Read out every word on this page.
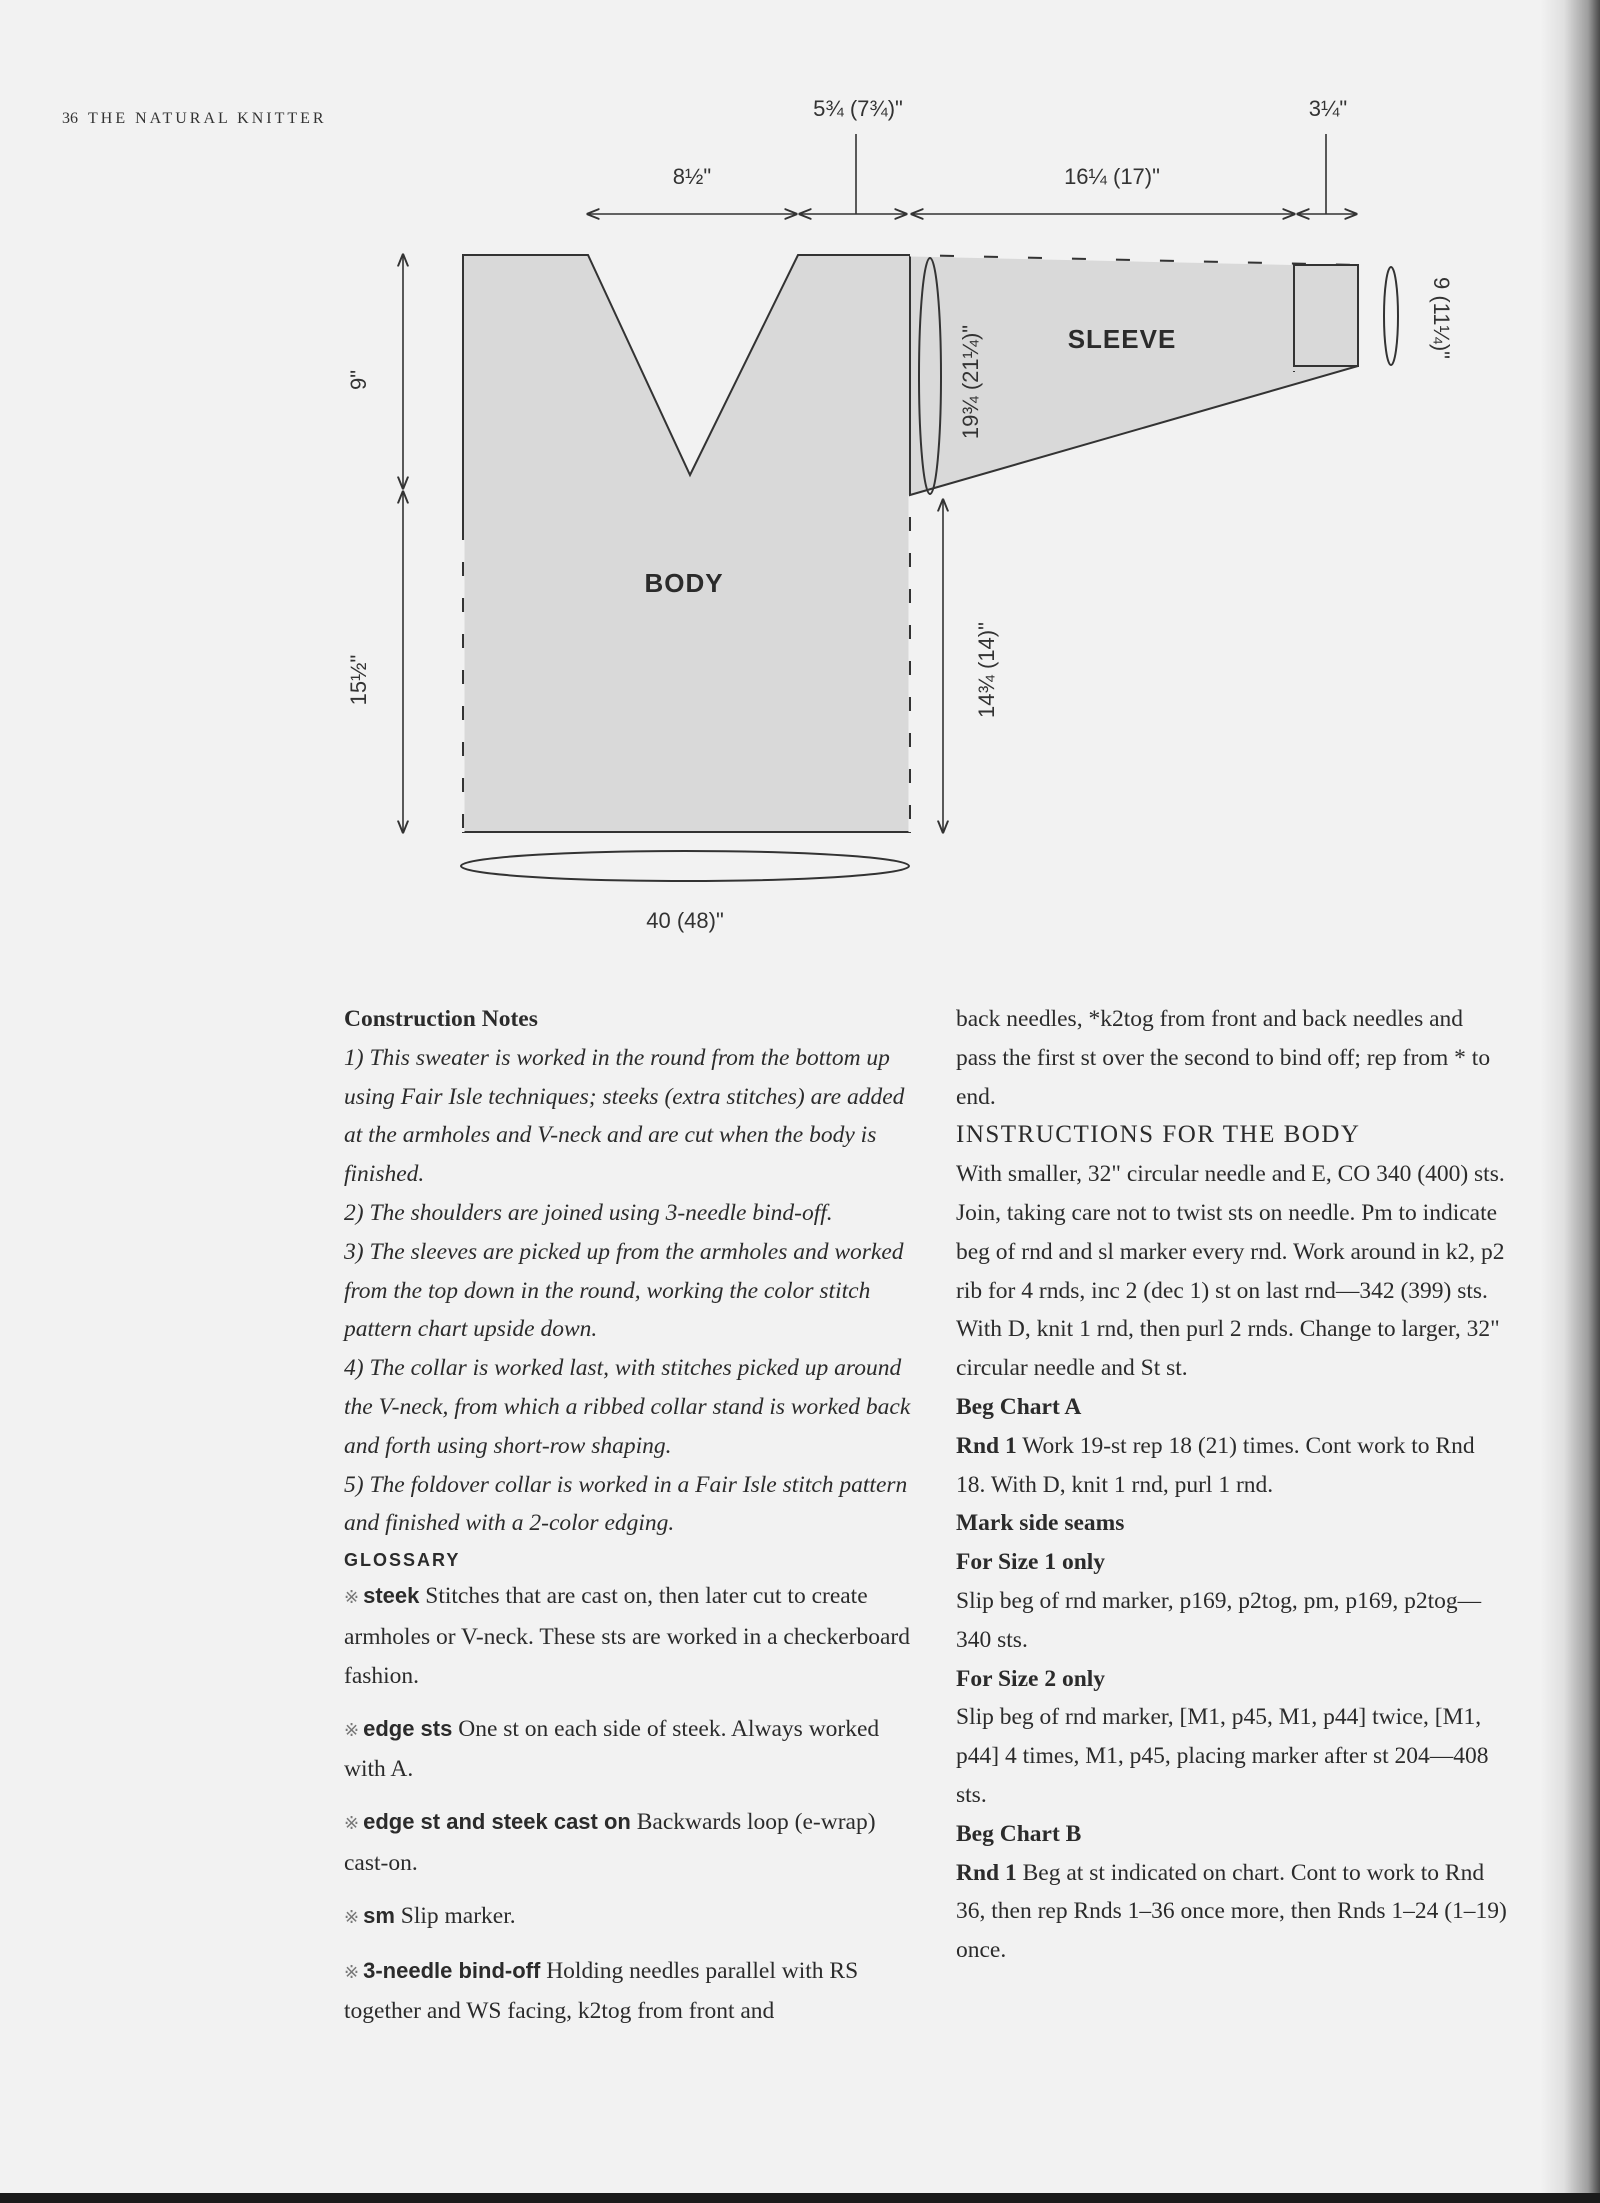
36 THE NATURAL KNITTER	5¾ (7¾)"	3¼"
8½"	16¼ (17)"
9"
15½"
19¾ (21¼)"
9 (11¼)"
14¾ (14)"
40 (48)"
BODY
SLEEVE

Construction Notes

1) This sweater is worked in the round from the bottom up using Fair Isle techniques; steeks (extra stitches) are added at the armholes and V-neck and are cut when the body is finished.

2) The shoulders are joined using 3-needle bind-off.

3) The sleeves are picked up from the armholes and worked from the top down in the round, working the color stitch pattern chart upside down.

4) The collar is worked last, with stitches picked up around the V-neck, from which a ribbed collar stand is worked back and forth using short-row shaping.

5) The foldover collar is worked in a Fair Isle stitch pattern and finished with a 2-color edging.

GLOSSARY

※ steek Stitches that are cast on, then later cut to create armholes or V-neck. These sts are worked in a checkerboard fashion.

※ edge sts One st on each side of steek. Always worked with A.

※ edge st and steek cast on Backwards loop (e-wrap) cast-on.

※ sm Slip marker.

※ 3-needle bind-off Holding needles parallel with RS together and WS facing, k2tog from front and

back needles, *k2tog from front and back needles and pass the first st over the second to bind off; rep from * to end.

INSTRUCTIONS FOR THE BODY

With smaller, 32" circular needle and E, CO 340 (400) sts. Join, taking care not to twist sts on needle. Pm to indicate beg of rnd and sl marker every rnd. Work around in k2, p2 rib for 4 rnds, inc 2 (dec 1) st on last rnd—342 (399) sts. With D, knit 1 rnd, then purl 2 rnds. Change to larger, 32" circular needle and St st.

Beg Chart A

Rnd 1 Work 19-st rep 18 (21) times. Cont work to Rnd 18. With D, knit 1 rnd, purl 1 rnd.

Mark side seams

For Size 1 only

Slip beg of rnd marker, p169, p2tog, pm, p169, p2tog—340 sts.

For Size 2 only

Slip beg of rnd marker, [M1, p45, M1, p44] twice, [M1, p44] 4 times, M1, p45, placing marker after st 204—408 sts.

Beg Chart B

Rnd 1 Beg at st indicated on chart. Cont to work to Rnd 36, then rep Rnds 1–36 once more, then Rnds 1–24 (1–19) once.
